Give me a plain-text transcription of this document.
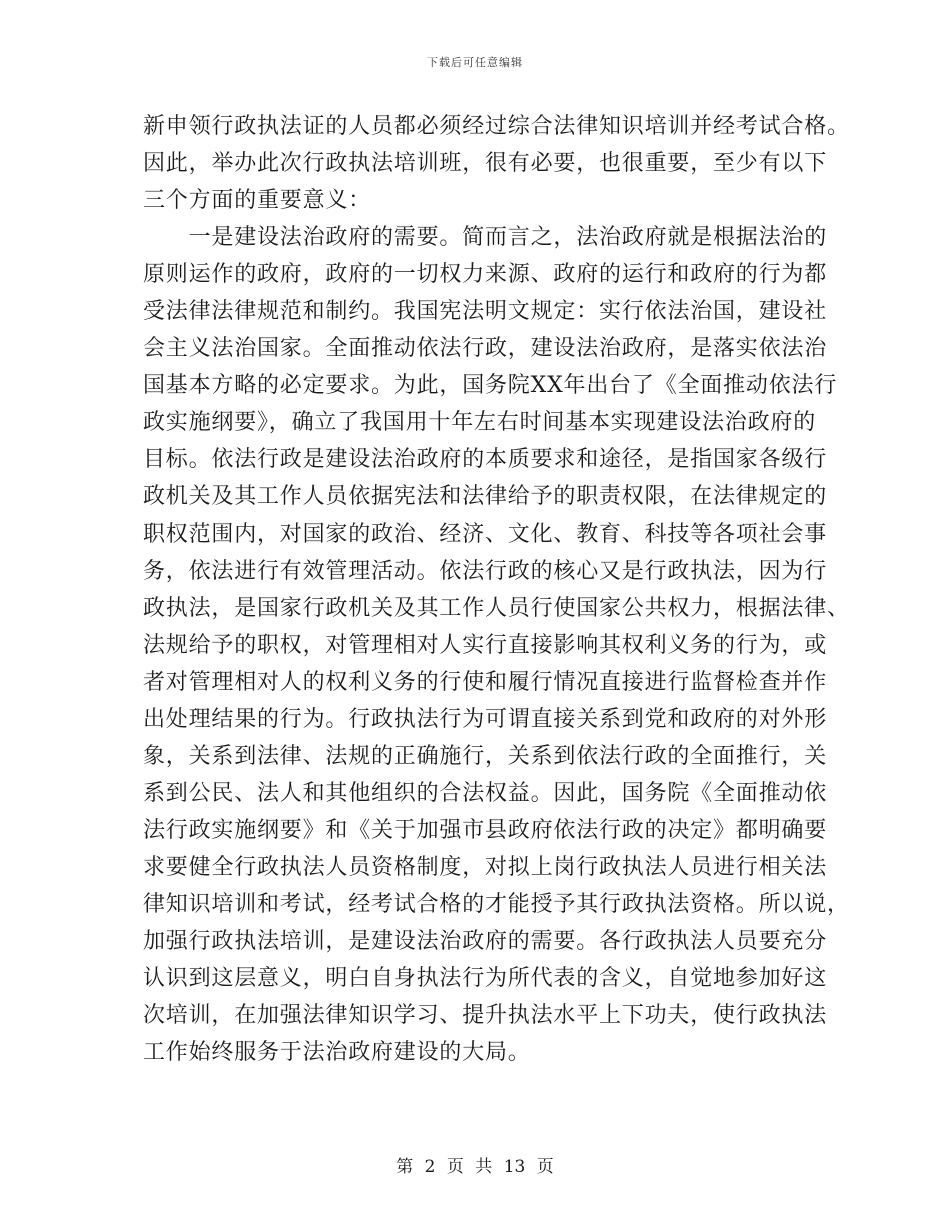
下载后可任意编辑
新申领行政执法证的人员都必须经过综合法律知识培训并经考试合格。
因此，举办此次行政执法培训班，很有必要，也很重要，至少有以下
三个方面的重要意义：
　　一是建设法治政府的需要。简而言之，法治政府就是根据法治的
原则运作的政府，政府的一切权力来源、政府的运行和政府的行为都
受法律法律规范和制约。我国宪法明文规定：实行依法治国，建设社
会主义法治国家。全面推动依法行政，建设法治政府，是落实依法治
国基本方略的必定要求。为此，国务院XX年出台了《全面推动依法行
政实施纲要》，确立了我国用十年左右时间基本实现建设法治政府的
目标。依法行政是建设法治政府的本质要求和途径，是指国家各级行
政机关及其工作人员依据宪法和法律给予的职责权限，在法律规定的
职权范围内，对国家的政治、经济、文化、教育、科技等各项社会事
务，依法进行有效管理活动。依法行政的核心又是行政执法，因为行
政执法，是国家行政机关及其工作人员行使国家公共权力，根据法律、
法规给予的职权，对管理相对人实行直接影响其权利义务的行为，或
者对管理相对人的权利义务的行使和履行情况直接进行监督检查并作
出处理结果的行为。行政执法行为可谓直接关系到党和政府的对外形
象，关系到法律、法规的正确施行，关系到依法行政的全面推行，关
系到公民、法人和其他组织的合法权益。因此，国务院《全面推动依
法行政实施纲要》和《关于加强市县政府依法行政的决定》都明确要
求要健全行政执法人员资格制度，对拟上岗行政执法人员进行相关法
律知识培训和考试，经考试合格的才能授予其行政执法资格。所以说，
加强行政执法培训，是建设法治政府的需要。各行政执法人员要充分
认识到这层意义，明白自身执法行为所代表的含义，自觉地参加好这
次培训，在加强法律知识学习、提升执法水平上下功夫，使行政执法
工作始终服务于法治政府建设的大局。
第 2 页 共 13 页
